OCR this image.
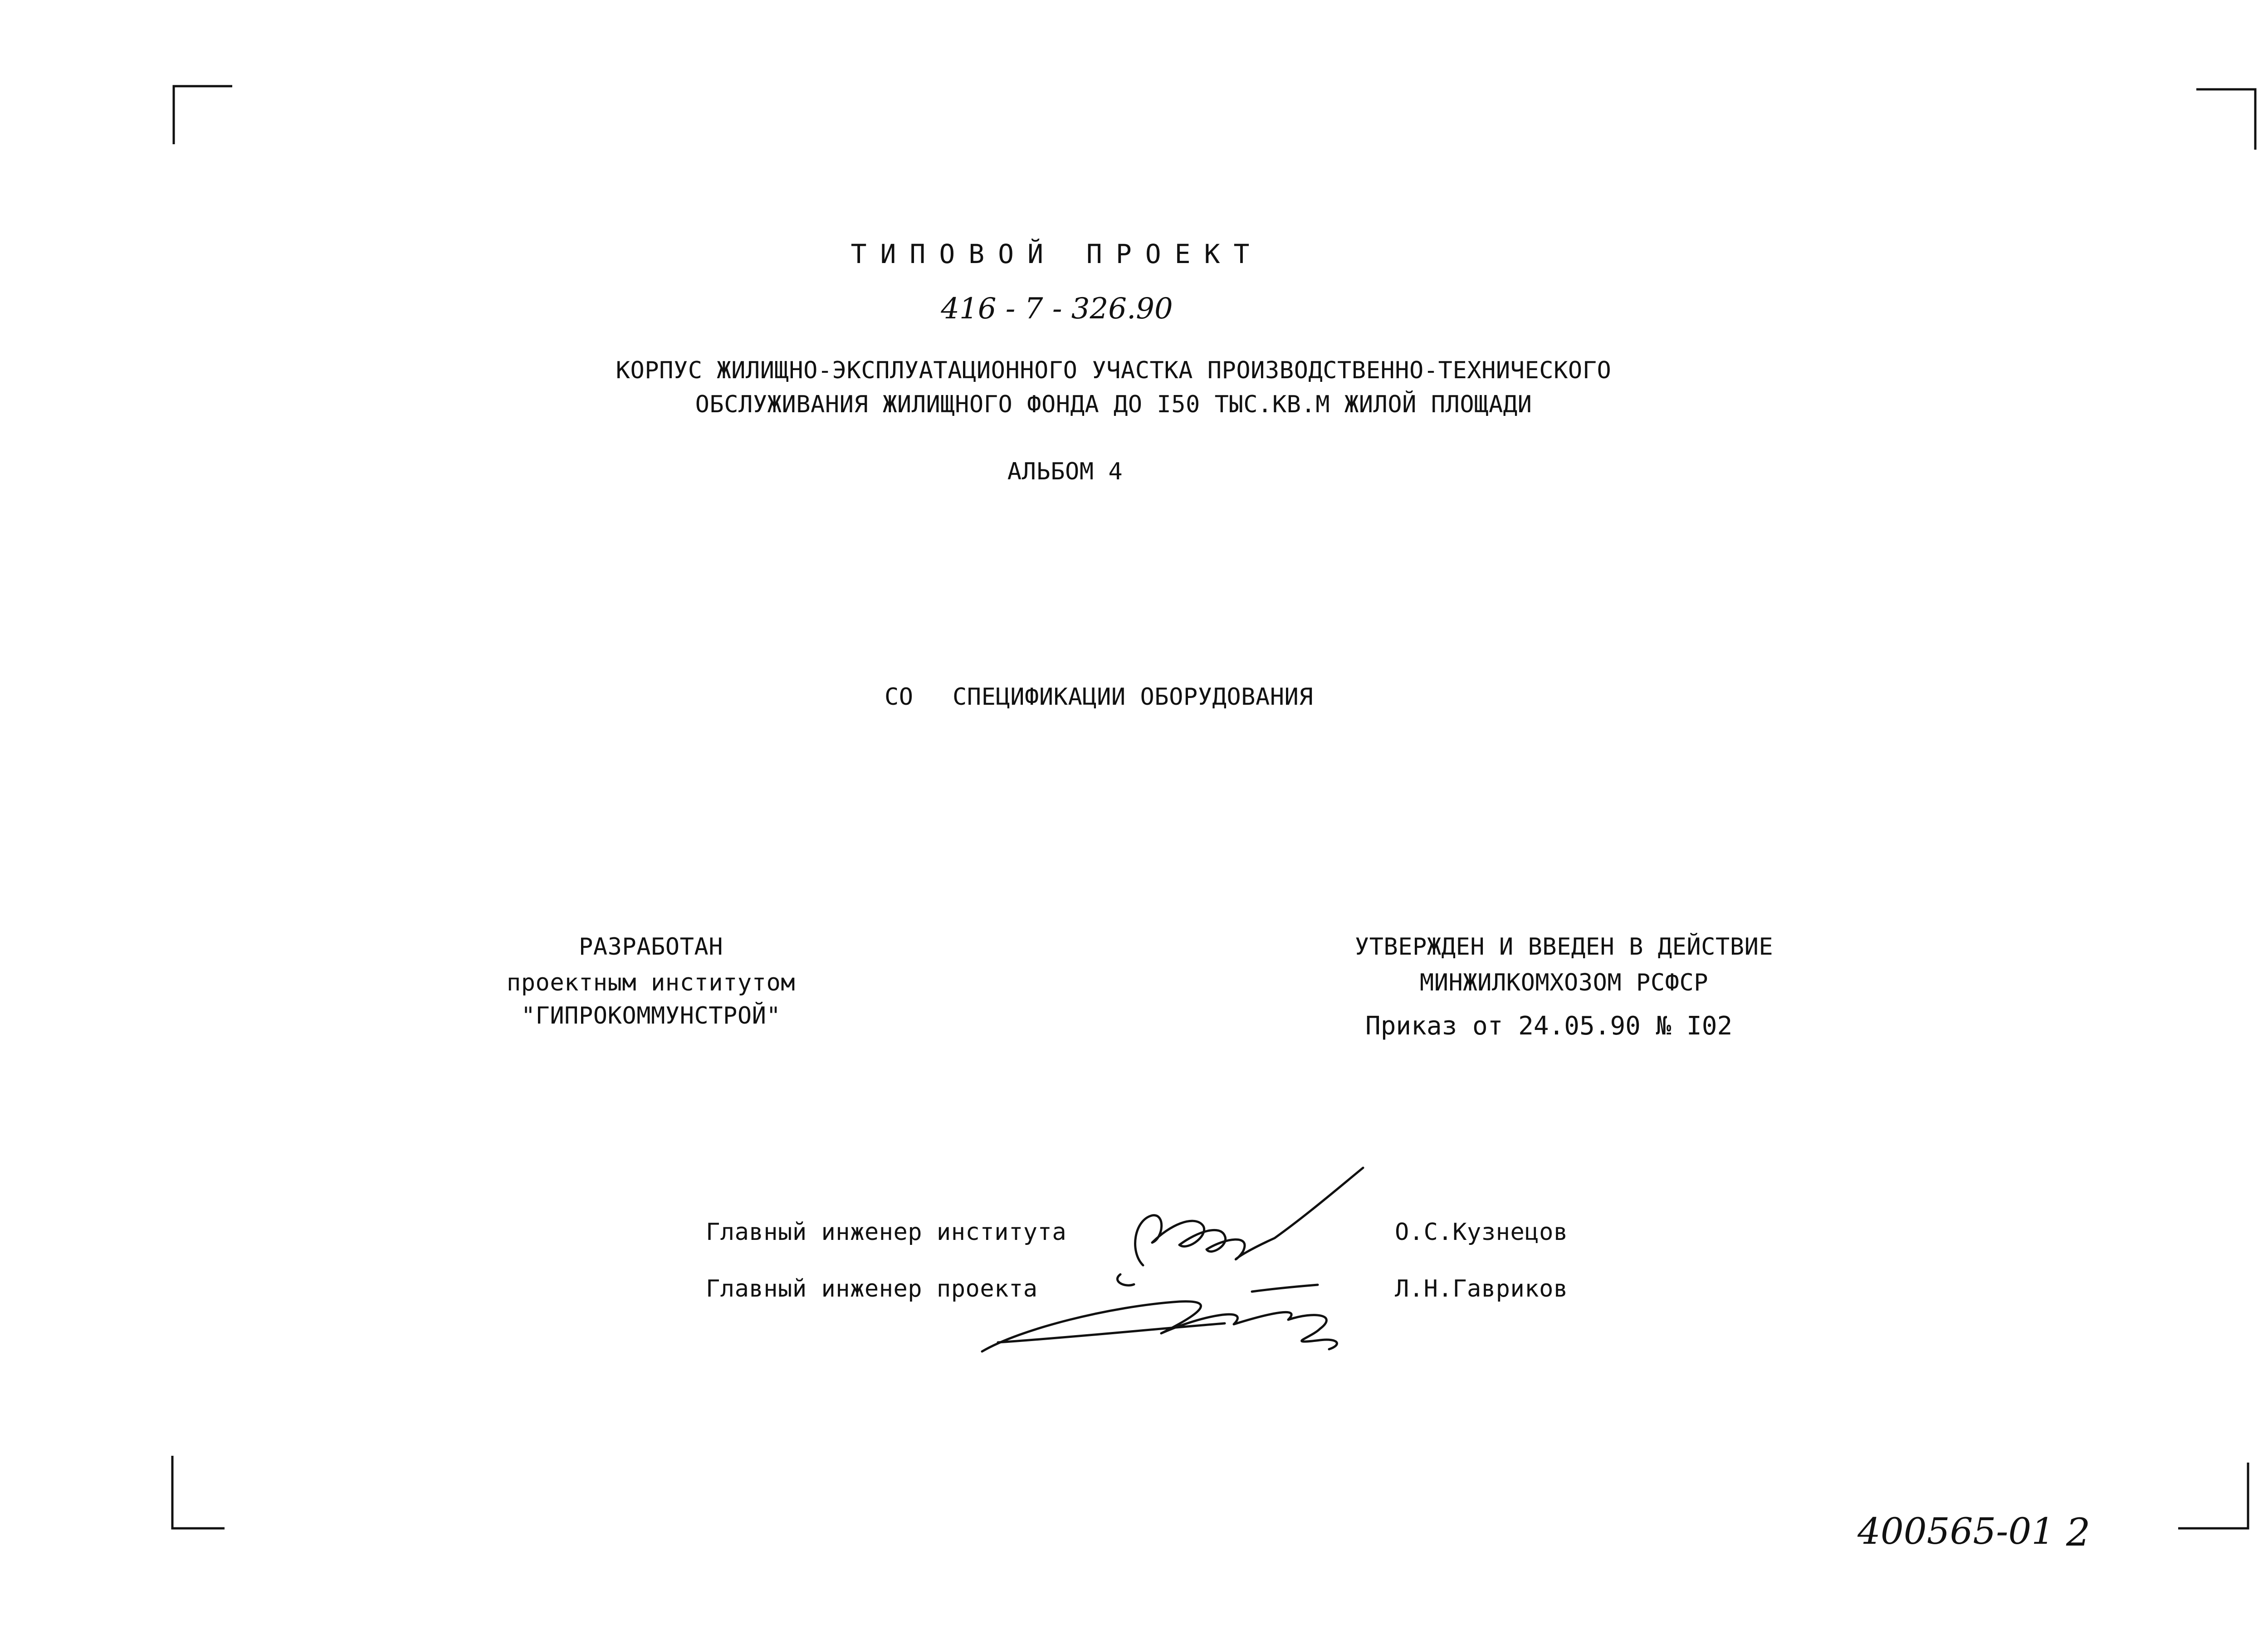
ТИПОВОЙ ПРОЕКТ
416 - 7 - 326.90
КОРПУС ЖИЛИЩНО-ЭКСПЛУАТАЦИОННОГО УЧАСТКА ПРОИЗВОДСТВЕННО-ТЕХНИЧЕСКОГО
ОБСЛУЖИВАНИЯ ЖИЛИЩНОГО ФОНДА ДО I50 ТЫС.КВ.М ЖИЛОЙ ПЛОЩАДИ
АЛЬБОМ 4
СО СПЕЦИФИКАЦИИ ОБОРУДОВАНИЯ
РАЗРАБОТАН
проектным институтом
"ГИПРОКОММУНСТРОЙ"
УТВЕРЖДЕН И ВВЕДЕН В ДЕЙСТВИЕ
МИНЖИЛКОМХОЗОМ РСФСР
Приказ от 24.05.90 № I02
Главный инженер института	О.С.Кузнецов
Главный инженер проекта	Л.Н.Гавриков
400565-01 2
